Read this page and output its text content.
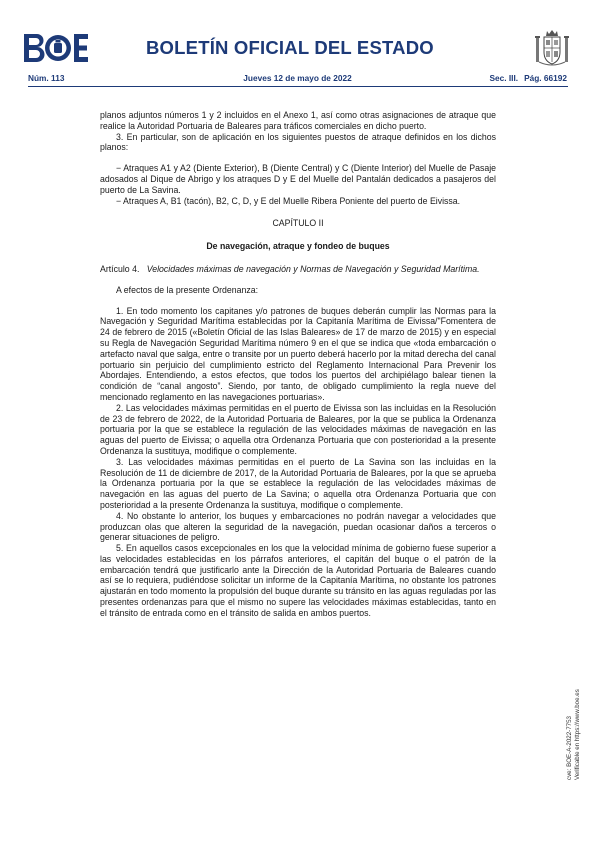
BOLETÍN OFICIAL DEL ESTADO
Núm. 113	Jueves 12 de mayo de 2022	Sec. III. Pág. 66192

planos adjuntos números 1 y 2 incluidos en el Anexo 1, así como otras asignaciones de atraque que realice la Autoridad Portuaria de Baleares para tráficos comerciales en dicho puerto.

3. En particular, son de aplicación en los siguientes puestos de atraque definidos en los dichos planos:

− Atraques A1 y A2 (Diente Exterior), B (Diente Central) y C (Diente Interior) del Muelle de Pasaje adosados al Dique de Abrigo y los atraques D y E del Muelle del Pantalán dedicados a pasajeros del puerto de La Savina.

− Atraques A, B1 (tacón), B2, C, D, y E del Muelle Ribera Poniente del puerto de Eivissa.

CAPÍTULO II

De navegación, atraque y fondeo de buques

Artículo 4. Velocidades máximas de navegación y Normas de Navegación y Seguridad Marítima.

A efectos de la presente Ordenanza:

1. En todo momento los capitanes y/o patrones de buques deberán cumplir las Normas para la Navegación y Seguridad Marítima establecidas por la Capitanía Marítima de Eivissa/"Fomentera de 24 de febrero de 2015 («Boletín Oficial de las Islas Baleares» de 17 de marzo de 2015) y en especial su Regla de Navegación Seguridad Marítima número 9 en el que se indica que «toda embarcación o artefacto naval que salga, entre o transite por un puerto deberá hacerlo por la mitad derecha del canal portuario sin perjuicio del cumplimiento estricto del Reglamento Internacional Para Prevenir los Abordajes. Entendiendo, a estos efectos, que todos los puertos del archipiélago balear tienen la condición de “canal angosto”. Siendo, por tanto, de obligado cumplimiento la regla nueve del mencionado reglamento en las navegaciones portuarias».

2. Las velocidades máximas permitidas en el puerto de Eivissa son las incluidas en la Resolución de 23 de febrero de 2022, de la Autoridad Portuaria de Baleares, por la que se publica la Ordenanza portuaria por la que se establece la regulación de las velocidades máximas de navegación en las aguas del puerto de Eivissa; o aquella otra Ordenanza Portuaria que con posterioridad a la presente Ordenanza la sustituya, modifique o complemente.

3. Las velocidades máximas permitidas en el puerto de La Savina son las incluidas en la Resolución de 11 de diciembre de 2017, de la Autoridad Portuaria de Baleares, por la que se aprueba la Ordenanza portuaria por la que se establece la regulación de las velocidades máximas de navegación en las aguas del puerto de La Savina; o aquella otra Ordenanza Portuaria que con posterioridad a la presente Ordenanza la sustituya, modifique o complemente.

4. No obstante lo anterior, los buques y embarcaciones no podrán navegar a velocidades que produzcan olas que alteren la seguridad de la navegación, puedan ocasionar daños a terceros o generar situaciones de peligro.

5. En aquellos casos excepcionales en los que la velocidad mínima de gobierno fuese superior a las velocidades establecidas en los párrafos anteriores, el capitán del buque o el patrón de la embarcación tendrá que justificarlo ante la Dirección de la Autoridad Portuaria de Baleares cuando así se lo requiera, pudiéndose solicitar un informe de la Capitanía Marítima, no obstante los patrones ajustarán en todo momento la propulsión del buque durante su tránsito en las aguas reguladas por las presentes ordenanzas para que el mismo no supere las velocidades máximas establecidas, tanto en el tránsito de entrada como en el tránsito de salida en ambos puertos.

cve: BOE-A-2022-7753 Verificable en https://www.boe.es
